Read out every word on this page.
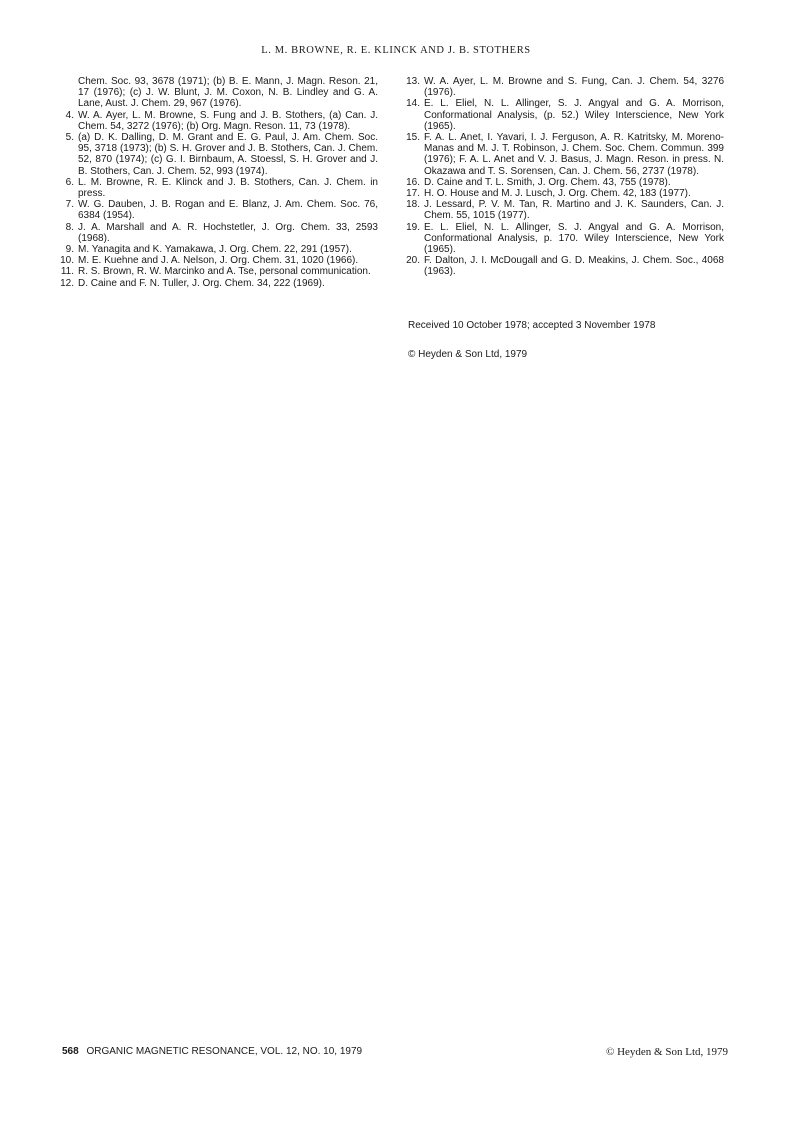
L. M. BROWNE, R. E. KLINCK AND J. B. STOTHERS
Chem. Soc. 93, 3678 (1971); (b) B. E. Mann, J. Magn. Reson. 21, 17 (1976); (c) J. W. Blunt, J. M. Coxon, N. B. Lindley and G. A. Lane, Aust. J. Chem. 29, 967 (1976).
4. W. A. Ayer, L. M. Browne, S. Fung and J. B. Stothers, (a) Can. J. Chem. 54, 3272 (1976); (b) Org. Magn. Reson. 11, 73 (1978).
5. (a) D. K. Dalling, D. M. Grant and E. G. Paul, J. Am. Chem. Soc. 95, 3718 (1973); (b) S. H. Grover and J. B. Stothers, Can. J. Chem. 52, 870 (1974); (c) G. I. Birnbaum, A. Stoessl, S. H. Grover and J. B. Stothers, Can. J. Chem. 52, 993 (1974).
6. L. M. Browne, R. E. Klinck and J. B. Stothers, Can. J. Chem. in press.
7. W. G. Dauben, J. B. Rogan and E. Blanz, J. Am. Chem. Soc. 76, 6384 (1954).
8. J. A. Marshall and A. R. Hochstetler, J. Org. Chem. 33, 2593 (1968).
9. M. Yanagita and K. Yamakawa, J. Org. Chem. 22, 291 (1957).
10. M. E. Kuehne and J. A. Nelson, J. Org. Chem. 31, 1020 (1966).
11. R. S. Brown, R. W. Marcinko and A. Tse, personal communication.
12. D. Caine and F. N. Tuller, J. Org. Chem. 34, 222 (1969).
13. W. A. Ayer, L. M. Browne and S. Fung, Can. J. Chem. 54, 3276 (1976).
14. E. L. Eliel, N. L. Allinger, S. J. Angyal and G. A. Morrison, Conformational Analysis, (p. 52.) Wiley Interscience, New York (1965).
15. F. A. L. Anet, I. Yavari, I. J. Ferguson, A. R. Katritsky, M. Moreno-Manas and M. J. T. Robinson, J. Chem. Soc. Chem. Commun. 399 (1976); F. A. L. Anet and V. J. Basus, J. Magn. Reson. in press. N. Okazawa and T. S. Sorensen, Can. J. Chem. 56, 2737 (1978).
16. D. Caine and T. L. Smith, J. Org. Chem. 43, 755 (1978).
17. H. O. House and M. J. Lusch, J. Org. Chem. 42, 183 (1977).
18. J. Lessard, P. V. M. Tan, R. Martino and J. K. Saunders, Can. J. Chem. 55, 1015 (1977).
19. E. L. Eliel, N. L. Allinger, S. J. Angyal and G. A. Morrison, Conformational Analysis, p. 170. Wiley Interscience, New York (1965).
20. F. Dalton, J. I. McDougall and G. D. Meakins, J. Chem. Soc., 4068 (1963).
Received 10 October 1978; accepted 3 November 1978
© Heyden & Son Ltd, 1979
568 ORGANIC MAGNETIC RESONANCE, VOL. 12, NO. 10, 1979	© Heyden & Son Ltd, 1979
